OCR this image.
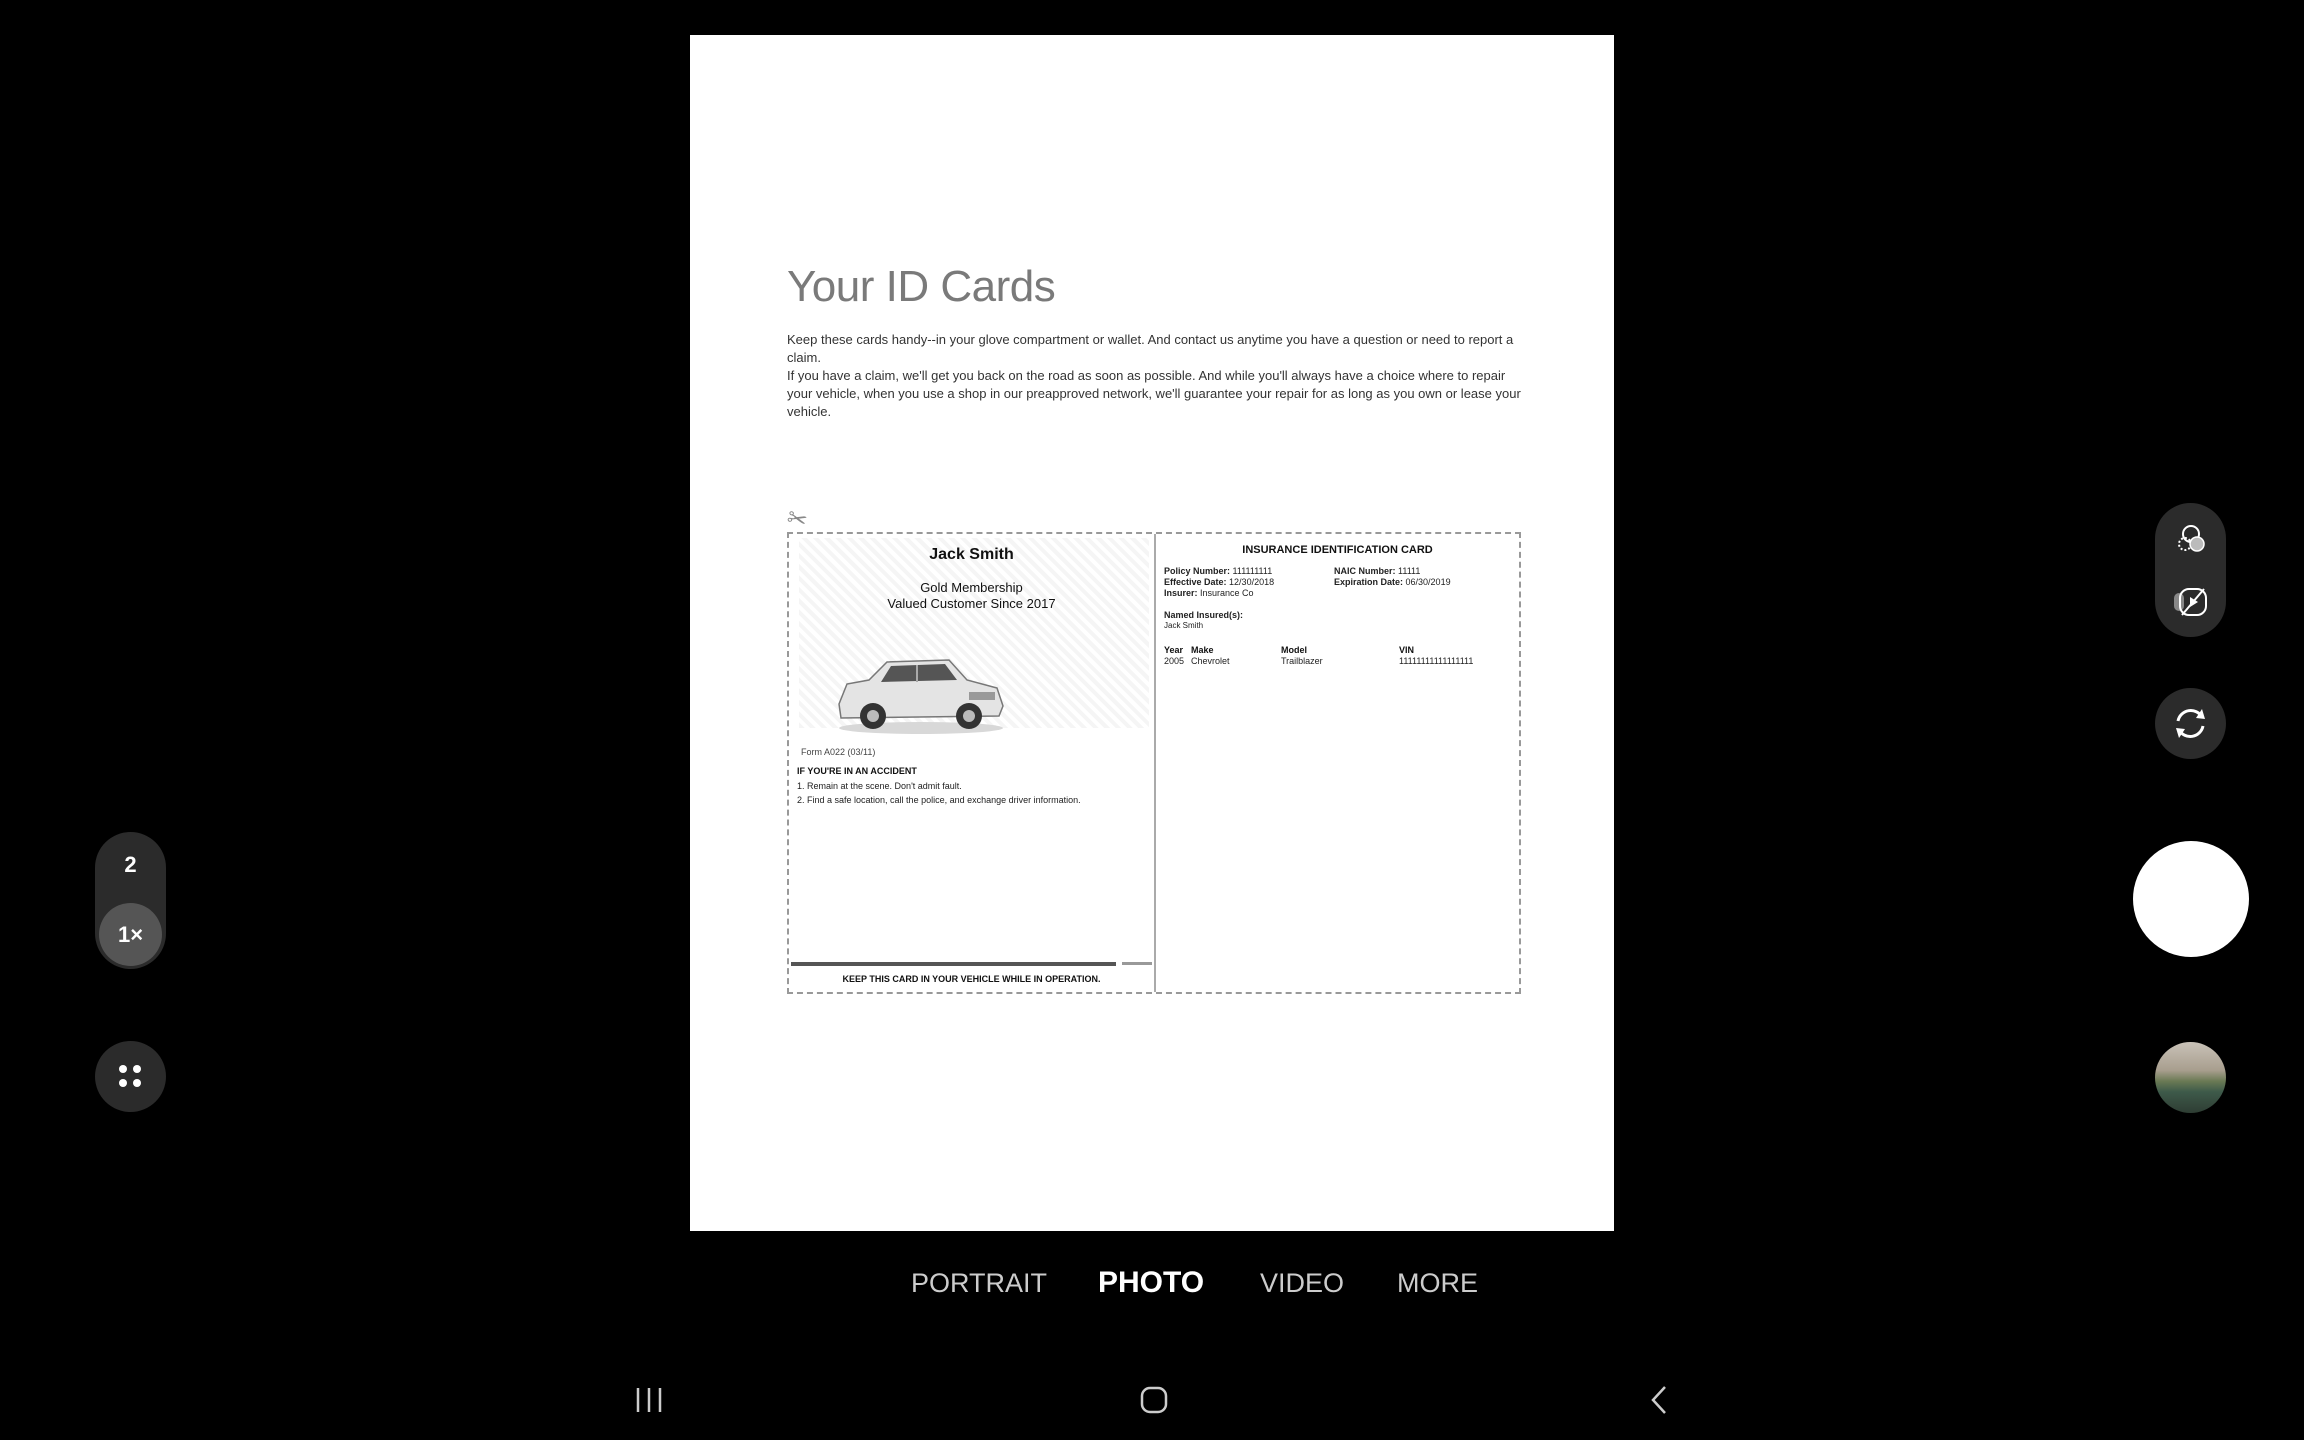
Your ID Cards

Keep these cards handy--in your glove compartment or wallet. And contact us anytime you have a question or need to report a claim.

If you have a claim, we'll get you back on the road as soon as possible. And while you'll always have a choice where to repair your vehicle, when you use a shop in our preapproved network, we'll guarantee your repair for as long as you own or lease your vehicle.

✂
Jack Smith
Gold Membership
Valued Customer Since 2017
Form A022 (03/11)
IF YOU'RE IN AN ACCIDENT
1. Remain at the scene. Don't admit fault.
2. Find a safe location, call the police, and exchange driver information.
KEEP THIS CARD IN YOUR VEHICLE WHILE IN OPERATION.
INSURANCE IDENTIFICATION CARD
Policy Number: 111111111	NAIC Number: 11111
Effective Date: 12/30/2018	Expiration Date: 06/30/2019
Insurer: Insurance Co
Named Insured(s):
Jack Smith
Year Make	Model	VIN
2005 Chevrolet	Trailblazer	11111111111111111
2
1×
PORTRAIT PHOTO VIDEO MORE
